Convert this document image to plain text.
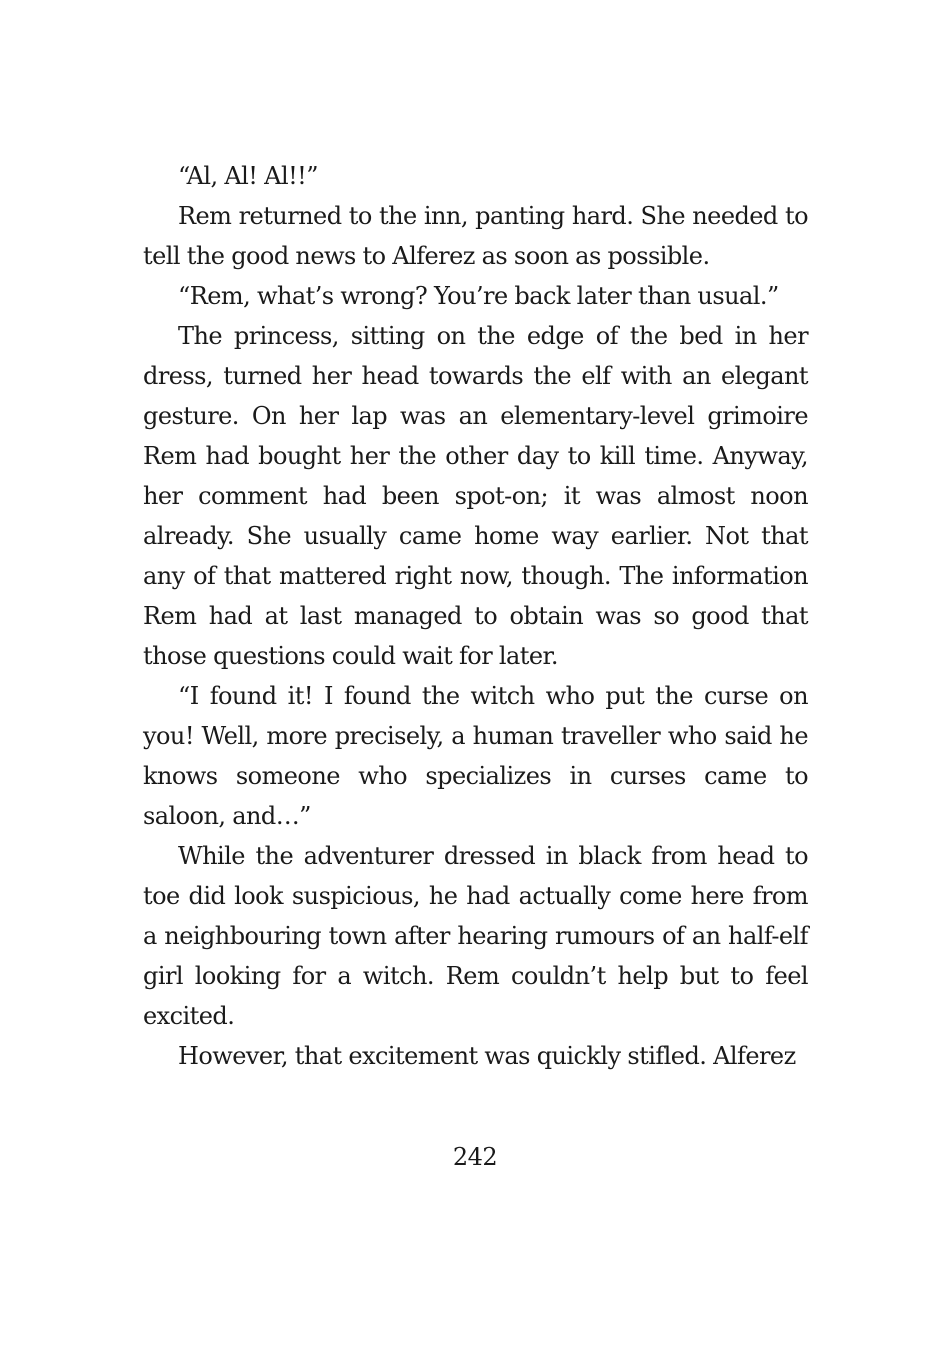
“Al, Al! Al!!”

Rem returned to the inn, panting hard. She needed to tell the good news to Alferez as soon as possible.

“Rem, what’s wrong? You’re back later than usual.”

The princess, sitting on the edge of the bed in her dress, turned her head towards the elf with an elegant gesture. On her lap was an elementary-level grimoire Rem had bought her the other day to kill time. Anyway, her comment had been spot-on; it was almost noon already. She usually came home way earlier. Not that any of that mattered right now, though. The information Rem had at last managed to obtain was so good that those questions could wait for later.

“I found it! I found the witch who put the curse on you! Well, more precisely, a human traveller who said he knows someone who specializes in curses came to saloon, and…”

While the adventurer dressed in black from head to toe did look suspicious, he had actually come here from a neighbouring town after hearing rumours of an half-elf girl looking for a witch. Rem couldn’t help but to feel excited.

However, that excitement was quickly stifled. Alferez

242
